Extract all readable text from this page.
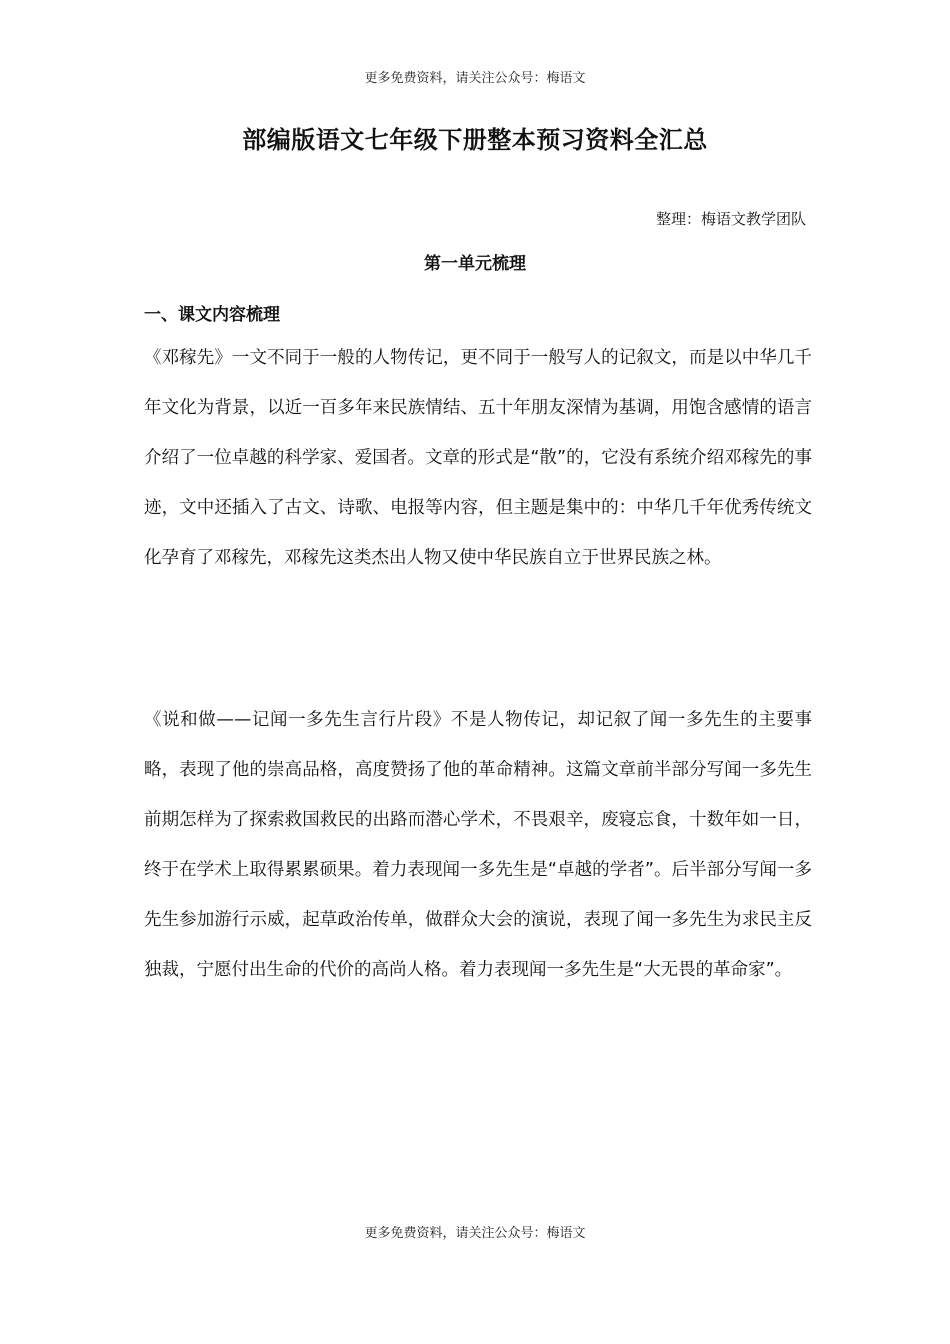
更多免费资料，请关注公众号：梅语文
部编版语文七年级下册整本预习资料全汇总
整理：梅语文教学团队
第一单元梳理
一、课文内容梳理

《邓稼先》一文不同于一般的人物传记，更不同于一般写人的记叙文，而是以中华几千年文化为背景，以近一百多年来民族情结、五十年朋友深情为基调，用饱含感情的语言介绍了一位卓越的科学家、爱国者。文章的形式是“散”的，它没有系统介绍邓稼先的事迹，文中还插入了古文、诗歌、电报等内容，但主题是集中的：中华几千年优秀传统文化孕育了邓稼先，邓稼先这类杰出人物又使中华民族自立于世界民族之林。

《说和做——记闻一多先生言行片段》不是人物传记，却记叙了闻一多先生的主要事略，表现了他的崇高品格，高度赞扬了他的革命精神。这篇文章前半部分写闻一多先生前期怎样为了探索救国救民的出路而潜心学术，不畏艰辛，废寝忘食，十数年如一日，终于在学术上取得累累硕果。着力表现闻一多先生是“卓越的学者”。后半部分写闻一多先生参加游行示威，起草政治传单，做群众大会的演说，表现了闻一多先生为求民主反独裁，宁愿付出生命的代价的高尚人格。着力表现闻一多先生是“大无畏的革命家”。

更多免费资料，请关注公众号：梅语文
